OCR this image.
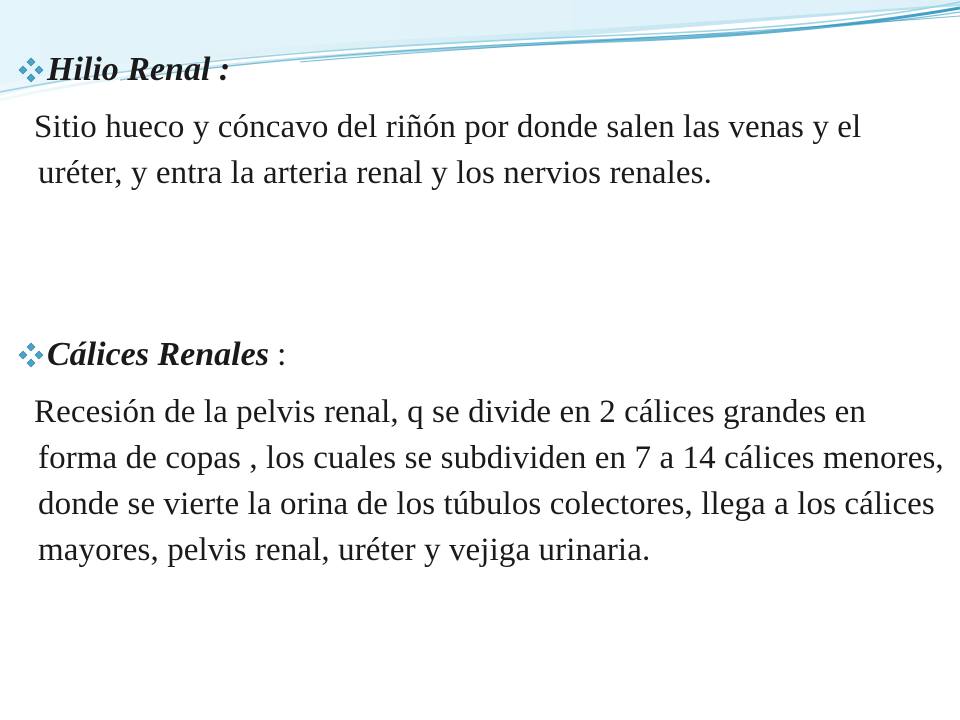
Hilio Renal :

Sitio hueco y cóncavo del riñón por donde salen las venas y el uréter, y entra la arteria renal y los nervios renales.

Cálices Renales :

Recesión de la pelvis renal, q se divide en 2 cálices grandes en forma de copas , los cuales se subdividen en 7 a 14 cálices menores, donde se vierte la orina de los túbulos colectores, llega a los cálices mayores, pelvis renal, uréter y vejiga urinaria.
